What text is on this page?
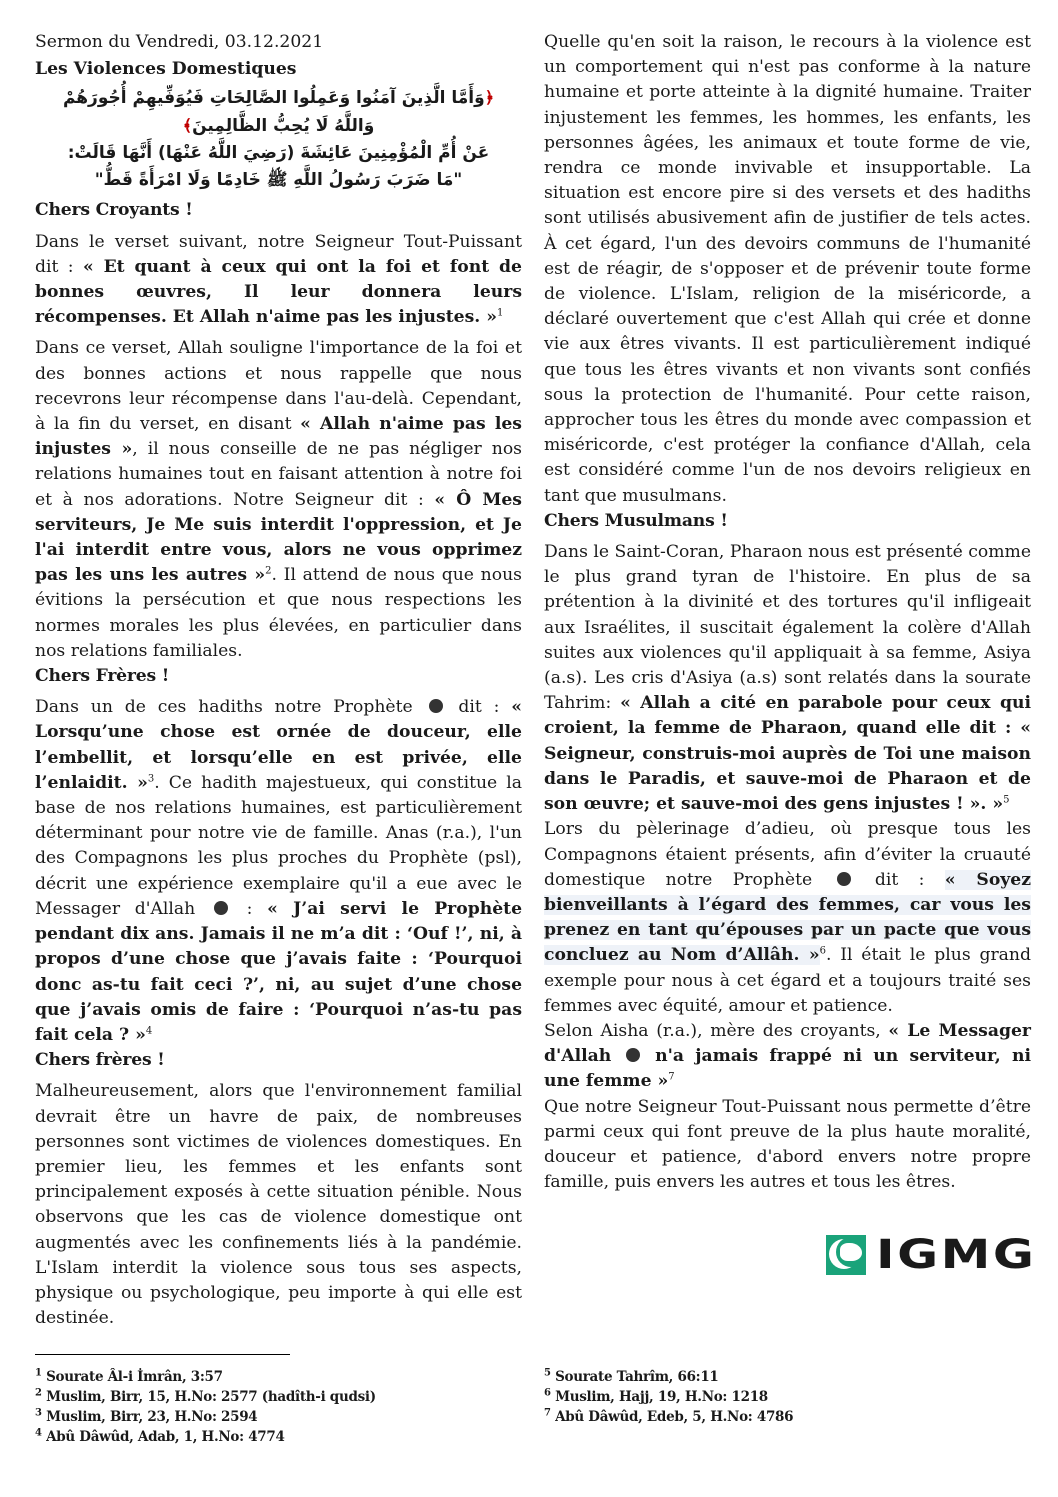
Sermon du Vendredi, 03.12.2021
Les Violences Domestiques
﴿وَأَمَّا الَّذِينَ آمَنُوا وَعَمِلُوا الصَّالِحَاتِ فَيُوَفِّيهِمْ أُجُورَهُمْ
وَاللَّهُ لَا يُحِبُّ الظَّالِمِينَ﴾
عَنْ أُمِّ الْمُؤْمِنِينَ عَائِشَةَ (رَضِيَ اللَّهُ عَنْهَا) أَنَّهَا قَالَتْ:
"مَا ضَرَبَ رَسُولُ اللَّهِ ﷺ خَادِمًا وَلَا امْرَأَةً قَطُّ"
Chers Croyants !

Dans le verset suivant, notre Seigneur Tout-Puissant dit : « Et quant à ceux qui ont la foi et font de bonnes œuvres, Il leur donnera leurs récompenses. Et Allah n'aime pas les injustes. »$^1$

Dans ce verset, Allah souligne l'importance de la foi et des bonnes actions et nous rappelle que nous recevrons leur récompense dans l'au-delà. Cependant, à la fin du verset, en disant « Allah n'aime pas les injustes », il nous conseille de ne pas négliger nos relations humaines tout en faisant attention à notre foi et à nos adorations. Notre Seigneur dit : « Ô Mes serviteurs, Je Me suis interdit l'oppression, et Je l'ai interdit entre vous, alors ne vous opprimez pas les uns les autres »$^2$. Il attend de nous que nous évitions la persécution et que nous respections les normes morales les plus élevées, en particulier dans nos relations familiales.

Chers Frères !

Dans un de ces hadiths notre Prophète  dit : « Lorsqu’une chose est ornée de douceur, elle l’embellit, et lorsqu’elle en est privée, elle l’enlaidit. »$^3$. Ce hadith majestueux, qui constitue la base de nos relations humaines, est particulièrement déterminant pour notre vie de famille. Anas (r.a.), l'un des Compagnons les plus proches du Prophète (psl), décrit une expérience exemplaire qu'il a eue avec le Messager d'Allah  : « J’ai servi le Prophète pendant dix ans. Jamais il ne m’a dit : ‘Ouf !’, ni, à propos d’une chose que j’avais faite : ‘Pourquoi donc as-tu fait ceci ?’, ni, au sujet d’une chose que j’avais omis de faire : ‘Pourquoi n’as-tu pas fait cela ? »$^4$

Chers frères !

Malheureusement, alors que l'environnement familial devrait être un havre de paix, de nombreuses personnes sont victimes de violences domestiques. En premier lieu, les femmes et les enfants sont principalement exposés à cette situation pénible. Nous observons que les cas de violence domestique ont augmentés avec les confinements liés à la pandémie. L'Islam interdit la violence sous tous ses aspects, physique ou psychologique, peu importe à qui elle est destinée.

Quelle qu'en soit la raison, le recours à la violence est un comportement qui n'est pas conforme à la nature humaine et porte atteinte à la dignité humaine. Traiter injustement les femmes, les hommes, les enfants, les personnes âgées, les animaux et toute forme de vie, rendra ce monde invivable et insupportable. La situation est encore pire si des versets et des hadiths sont utilisés abusivement afin de justifier de tels actes. À cet égard, l'un des devoirs communs de l'humanité est de réagir, de s'opposer et de prévenir toute forme de violence. L'Islam, religion de la miséricorde, a déclaré ouvertement que c'est Allah qui crée et donne vie aux êtres vivants. Il est particulièrement indiqué que tous les êtres vivants et non vivants sont confiés sous la protection de l'humanité. Pour cette raison, approcher tous les êtres du monde avec compassion et miséricorde, c'est protéger la confiance d'Allah, cela est considéré comme l'un de nos devoirs religieux en tant que musulmans.

Chers Musulmans !

Dans le Saint-Coran, Pharaon nous est présenté comme le plus grand tyran de l'histoire. En plus de sa prétention à la divinité et des tortures qu'il infligeait aux Israélites, il suscitait également la colère d'Allah suites aux violences qu'il appliquait à sa femme, Asiya (a.s). Les cris d'Asiya (a.s) sont relatés dans la sourate Tahrim: « Allah a cité en parabole pour ceux qui croient, la femme de Pharaon, quand elle dit : « Seigneur, construis-moi auprès de Toi une maison dans le Paradis, et sauve-moi de Pharaon et de son œuvre; et sauve-moi des gens injustes ! ». »$^5$

Lors du pèlerinage d’adieu, où presque tous les Compagnons étaient présents, afin d’éviter la cruauté domestique notre Prophète  dit : « Soyez bienveillants à l’égard des femmes, car vous les prenez en tant qu’épouses par un pacte que vous concluez au Nom d’Allâh. »$^6$. Il était le plus grand exemple pour nous à cet égard et a toujours traité ses femmes avec équité, amour et patience.

Selon Aisha (r.a.), mère des croyants, « Le Messager d'Allah  n'a jamais frappé ni un serviteur, ni une femme »$^7$

Que notre Seigneur Tout-Puissant nous permette d’être parmi ceux qui font preuve de la plus haute moralité, douceur et patience, d'abord envers notre propre famille, puis envers les autres et tous les êtres.

IGMG
$^1$ Sourate Âl-i İmrân, 3:57
$^2$ Muslim, Birr, 15, H.No: 2577 (hadîth-i qudsi)
$^3$ Muslim, Birr, 23, H.No: 2594
$^4$ Abû Dâwûd, Adab, 1, H.No: 4774
$^5$ Sourate Tahrîm, 66:11
$^6$ Muslim, Hajj, 19, H.No: 1218
$^7$ Abû Dâwûd, Edeb, 5, H.No: 4786
